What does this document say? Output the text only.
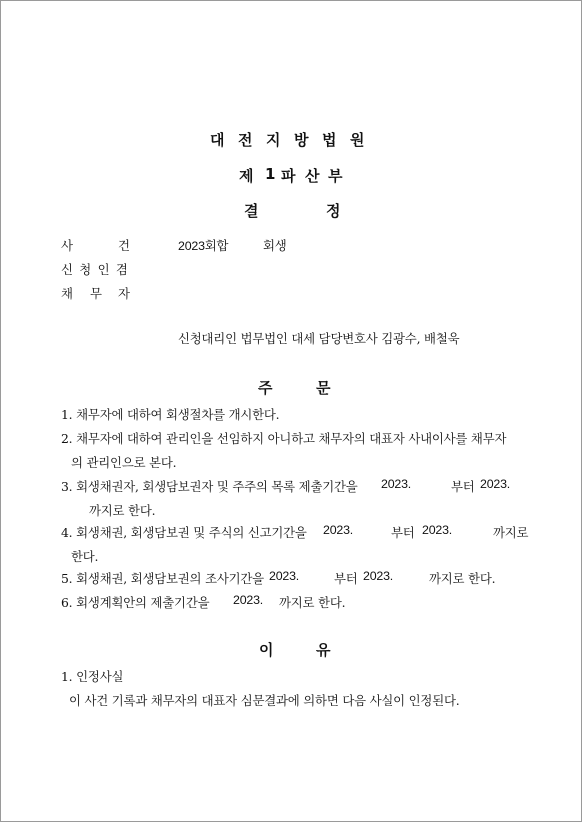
대 전 지 방 법 원
제 1 파 산 부
결	정
사	건	2023회합	회생
신 청 인 겸
채 무 자
신청대리인 법무법인 대세 담당변호사 김광수, 배철욱
주	문
1. 채무자에 대하여 회생절차를 개시한다.
2. 채무자에 대하여 관리인을 선임하지 아니하고 채무자의 대표자 사내이사를 채무자
의 관리인으로 본다.
3. 회생채권자, 회생담보권자 및 주주의 목록 제출기간을 2023.	부터 2023.
까지로 한다.
4. 회생채권, 회생담보권 및 주식의 신고기간을 2023.	부터 2023.	까지로
한다.
5. 회생채권, 회생담보권의 조사기간을 2023.	부터 2023.	까지로 한다.
6. 회생계획안의 제출기간을 2023. 까지로 한다.
이	유
1. 인정사실
이 사건 기록과 채무자의 대표자 심문결과에 의하면 다음 사실이 인정된다.
